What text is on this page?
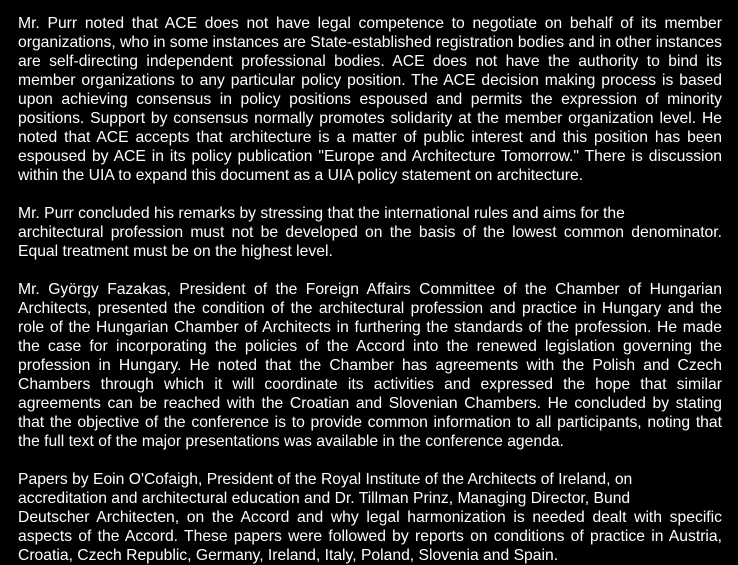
Mr. Purr noted that ACE does not have legal competence to negotiate on behalf of its member organizations, who in some instances are State-established registration bodies and in other instances are self-directing independent professional bodies. ACE does not have the authority to bind its member organizations to any particular policy position. The ACE decision making process is based upon achieving consensus in policy positions espoused and permits the expression of minority positions. Support by consensus normally promotes solidarity at the member organization level. He noted that ACE accepts that architecture is a matter of public interest and this position has been espoused by ACE in its policy publication "Europe and Architecture Tomorrow." There is discussion within the UIA to expand this document as a UIA policy statement on architecture.

Mr. Purr concluded his remarks by stressing that the international rules and aims for the
architectural profession must not be developed on the basis of the lowest common denominator. Equal treatment must be on the highest level.

Mr. György Fazakas, President of the Foreign Affairs Committee of the Chamber of Hungarian Architects, presented the condition of the architectural profession and practice in Hungary and the role of the Hungarian Chamber of Architects in furthering the standards of the profession. He made the case for incorporating the policies of the Accord into the renewed legislation governing the profession in Hungary. He noted that the Chamber has agreements with the Polish and Czech Chambers through which it will coordinate its activities and expressed the hope that similar agreements can be reached with the Croatian and Slovenian Chambers. He concluded by stating that the objective of the conference is to provide common information to all participants, noting that the full text of the major presentations was available in the conference agenda.

Papers by Eoin O'Cofaigh, President of the Royal Institute of the Architects of Ireland, on
accreditation and architectural education and Dr. Tillman Prinz, Managing Director, Bund
Deutscher Architecten, on the Accord and why legal harmonization is needed dealt with specific aspects of the Accord. These papers were followed by reports on conditions of practice in Austria, Croatia, Czech Republic, Germany, Ireland, Italy, Poland, Slovenia and Spain.
